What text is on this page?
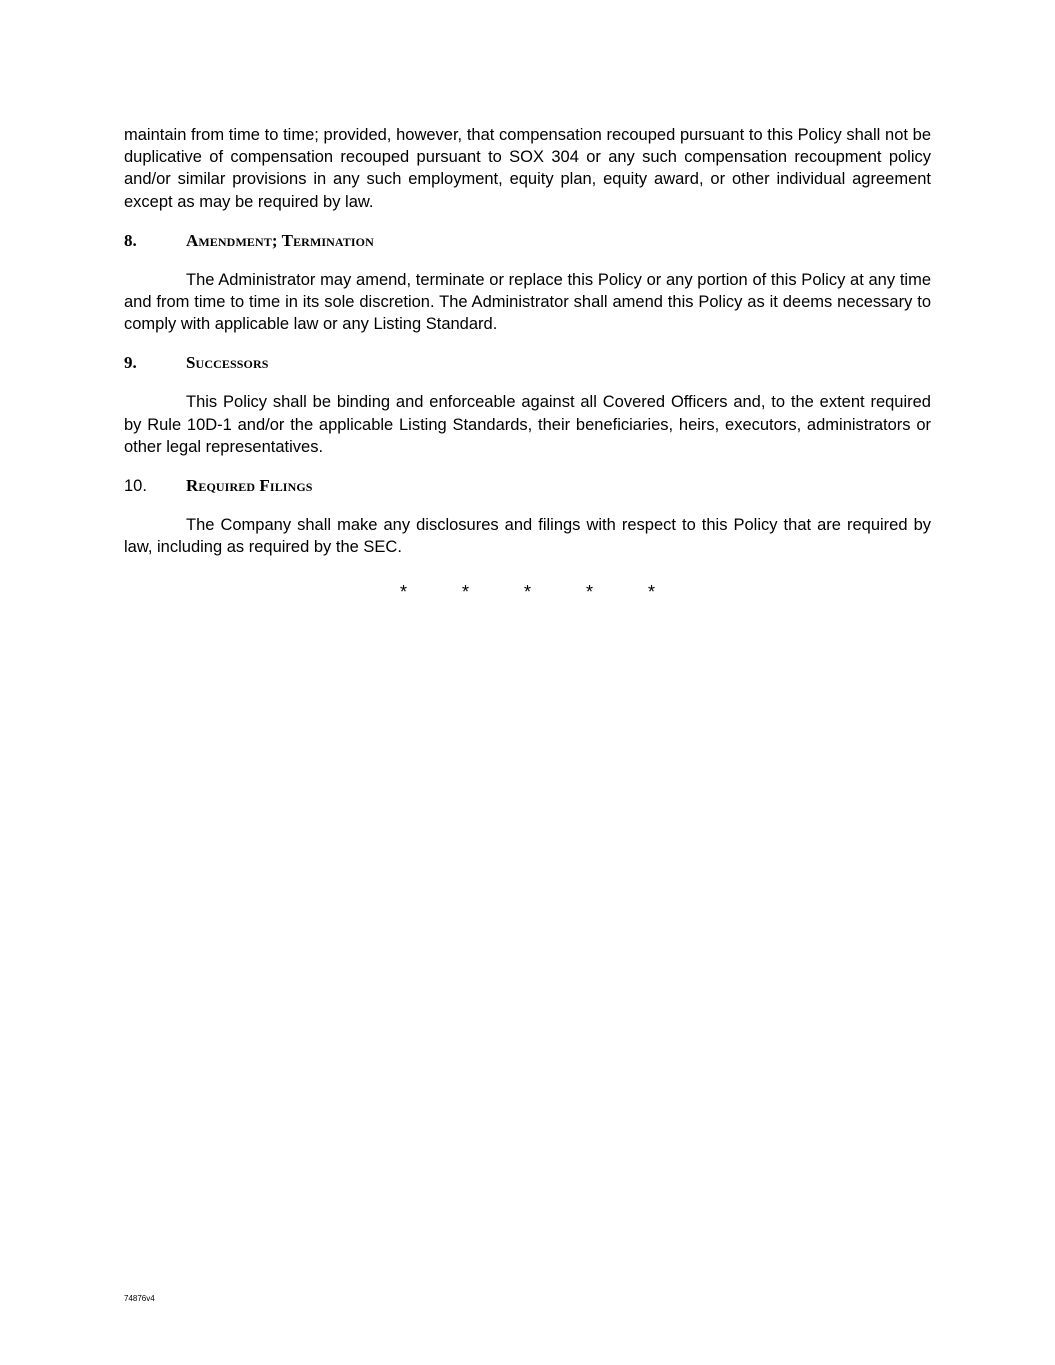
maintain from time to time; provided, however, that compensation recouped pursuant to this Policy shall not be duplicative of compensation recouped pursuant to SOX 304 or any such compensation recoupment policy and/or similar provisions in any such employment, equity plan, equity award, or other individual agreement except as may be required by law.

8.	Amendment; Termination

The Administrator may amend, terminate or replace this Policy or any portion of this Policy at any time and from time to time in its sole discretion. The Administrator shall amend this Policy as it deems necessary to comply with applicable law or any Listing Standard.

9.	Successors

This Policy shall be binding and enforceable against all Covered Officers and, to the extent required by Rule 10D-1 and/or the applicable Listing Standards, their beneficiaries, heirs, executors, administrators or other legal representatives.

10.	Required Filings

The Company shall make any disclosures and filings with respect to this Policy that are required by law, including as required by the SEC.

*	*	*	*	*
74876v4
